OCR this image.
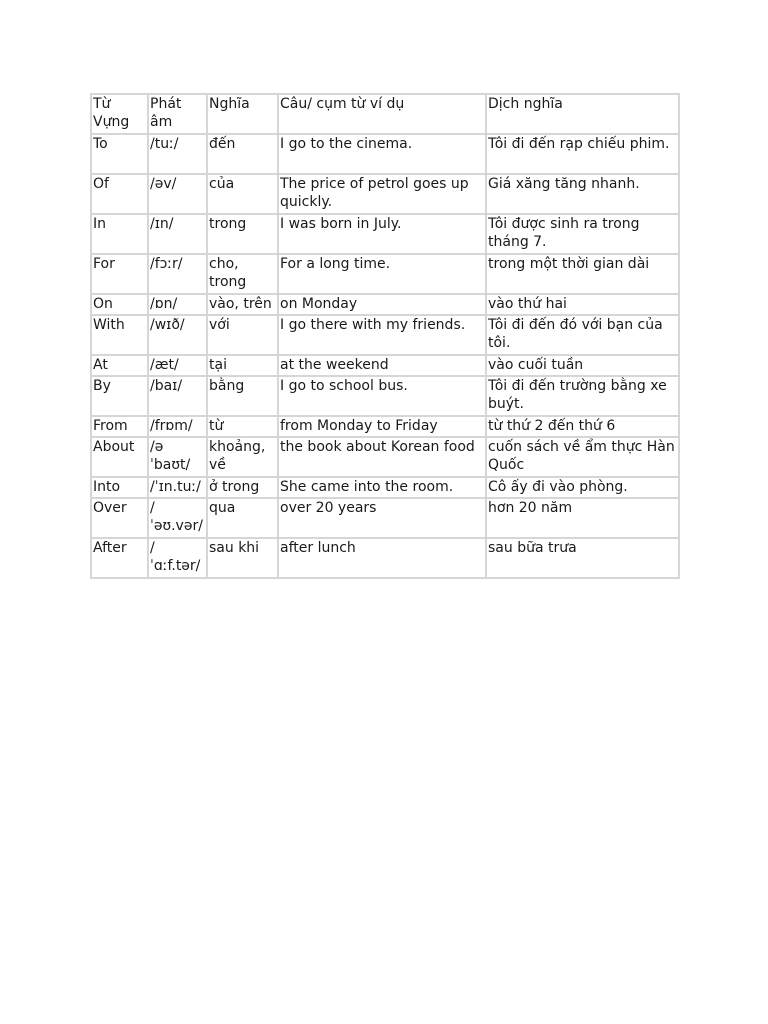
Từ Vựng	Phát âm	Nghĩa	Câu/ cụm từ ví dụ	Dịch nghĩa
To	/tuː/	đến	I go to the cinema.	Tôi đi đến rạp chiếu phim.
Of	/əv/	của	The price of petrol goes up quickly.	Giá xăng tăng nhanh.
In	/ɪn/	trong	I was born in July.	Tôi được sinh ra trong tháng 7.
For	/fɔːr/	cho, trong	For a long time.	trong một thời gian dài
On	/ɒn/	vào, trên	on Monday	vào thứ hai
With	/wɪð/	với	I go there with my friends.	Tôi đi đến đó với bạn của tôi.
At	/æt/	tại	at the weekend	vào cuối tuần
By	/baɪ/	bằng	I go to school bus.	Tôi đi đến trường bằng xe buýt.
From	/frɒm/	từ	from Monday to Friday	từ thứ 2 đến thứ 6
About	/ə ˈbaʊt/	khoảng, về	the book about Korean food	cuốn sách về ẩm thực Hàn Quốc
Into	/ˈɪn.tuː/	ở trong	She came into the room.	Cô ấy đi vào phòng.
Over	/ ˈəʊ.vər/	qua	over 20 years	hơn 20 năm
After	/ ˈɑːf.tər/	sau khi	after lunch	sau bữa trưa
